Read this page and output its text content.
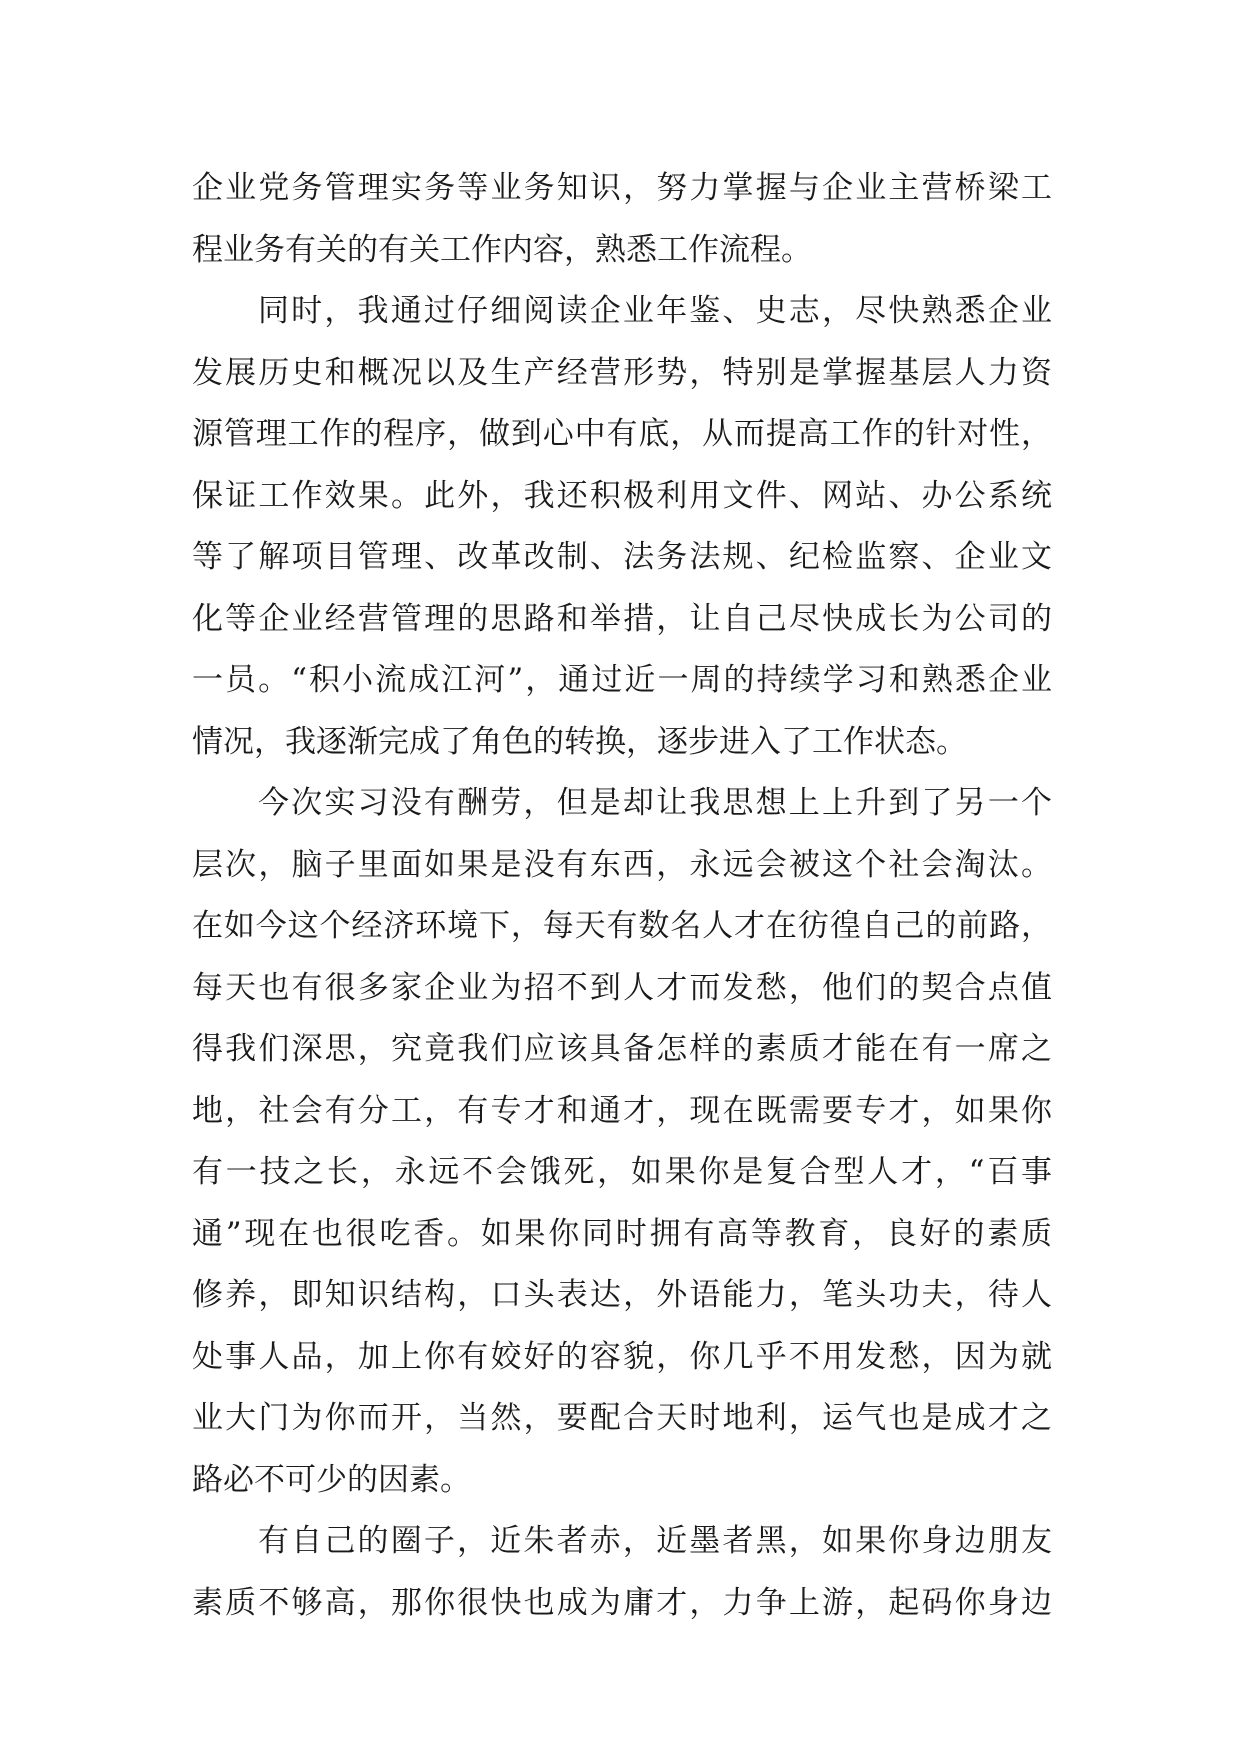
企业党务管理实务等业务知识，努力掌握与企业主营桥梁工
程业务有关的有关工作内容，熟悉工作流程。
同时，我通过仔细阅读企业年鉴、史志，尽快熟悉企业
发展历史和概况以及生产经营形势，特别是掌握基层人力资
源管理工作的程序，做到心中有底，从而提高工作的针对性，
保证工作效果。此外，我还积极利用文件、网站、办公系统
等了解项目管理、改革改制、法务法规、纪检监察、企业文
化等企业经营管理的思路和举措，让自己尽快成长为公司的
一员。“积小流成江河”，通过近一周的持续学习和熟悉企业
情况，我逐渐完成了角色的转换，逐步进入了工作状态。
今次实习没有酬劳，但是却让我思想上上升到了另一个
层次，脑子里面如果是没有东西，永远会被这个社会淘汰。
在如今这个经济环境下，每天有数名人才在彷徨自己的前路，
每天也有很多家企业为招不到人才而发愁，他们的契合点值
得我们深思，究竟我们应该具备怎样的素质才能在有一席之
地，社会有分工，有专才和通才，现在既需要专才，如果你
有一技之长，永远不会饿死，如果你是复合型人才，“百事
通”现在也很吃香。如果你同时拥有高等教育，良好的素质
修养，即知识结构，口头表达，外语能力，笔头功夫，待人
处事人品，加上你有姣好的容貌，你几乎不用发愁，因为就
业大门为你而开，当然，要配合天时地利，运气也是成才之
路必不可少的因素。
有自己的圈子，近朱者赤，近墨者黑，如果你身边朋友
素质不够高，那你很快也成为庸才，力争上游，起码你身边
